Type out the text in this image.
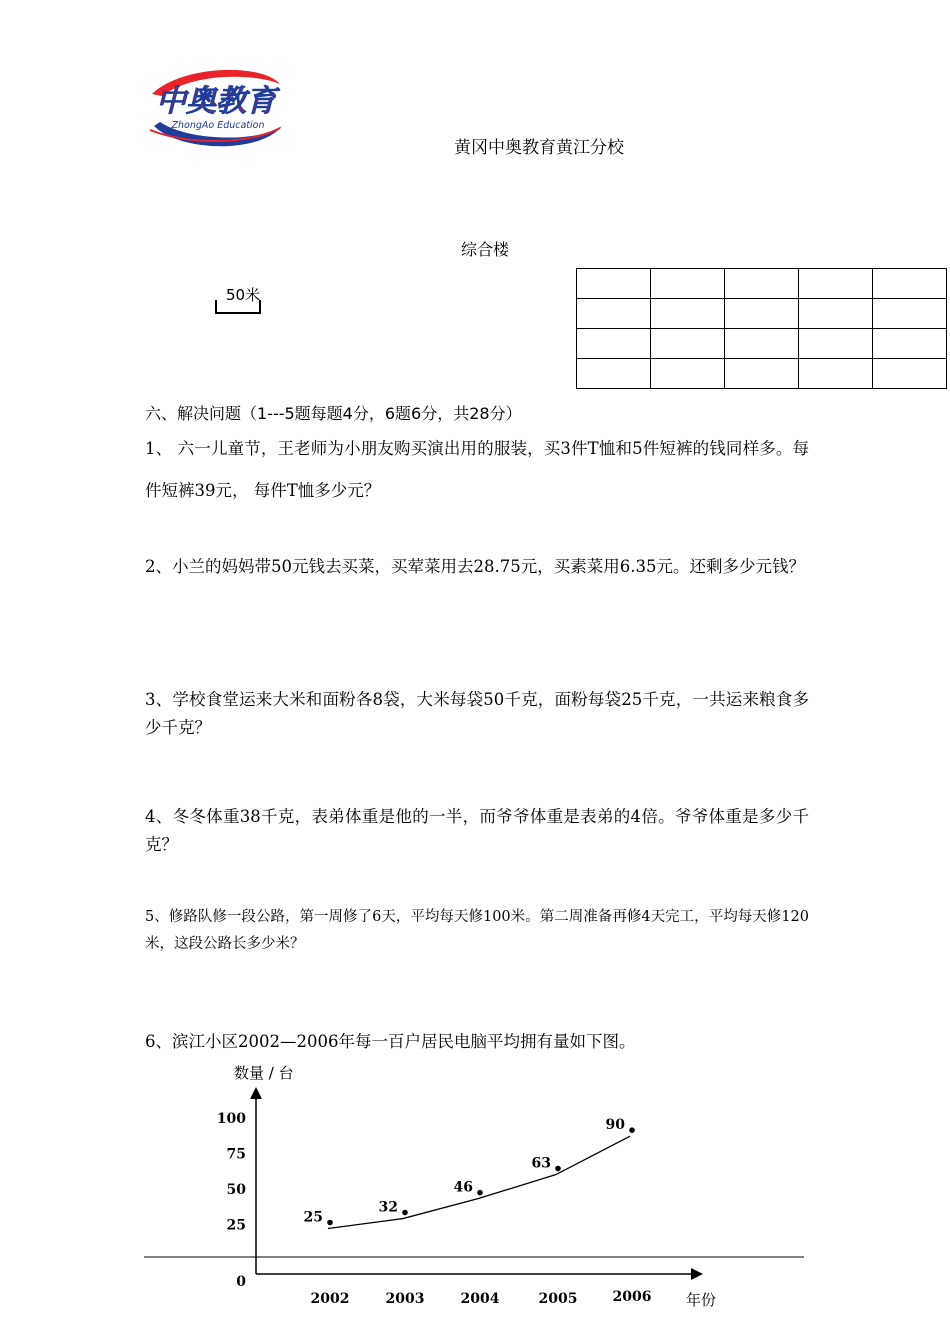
中奥教育
ZhongAo Education
黄冈中奥教育黄江分校
综合楼
50米

六、解决问题（1---5题每题4分，6题6分，共28分）
1、 六一儿童节，王老师为小朋友购买演出用的服装，买3件T恤和5件短裤的钱同样多。每件短裤39元， 每件T恤多少元？
2、小兰的妈妈带50元钱去买菜，买荤菜用去28.75元，买素菜用6.35元。还剩多少元钱？
3、学校食堂运来大米和面粉各8袋，大米每袋50千克，面粉每袋25千克，一共运来粮食多少千克？
4、冬冬体重38千克，表弟体重是他的一半，而爷爷体重是表弟的4倍。爷爷体重是多少千克？
5、修路队修一段公路，第一周修了6天，平均每天修100米。第二周准备再修4天完工，平均每天修120米，这段公路长多少米？
6、滨江小区2002—2006年每一百户居民电脑平均拥有量如下图。
数量 / 台
年份
100
75
50
25
0
2002	2003	2004	2005	2006
25
32
46
63
90
